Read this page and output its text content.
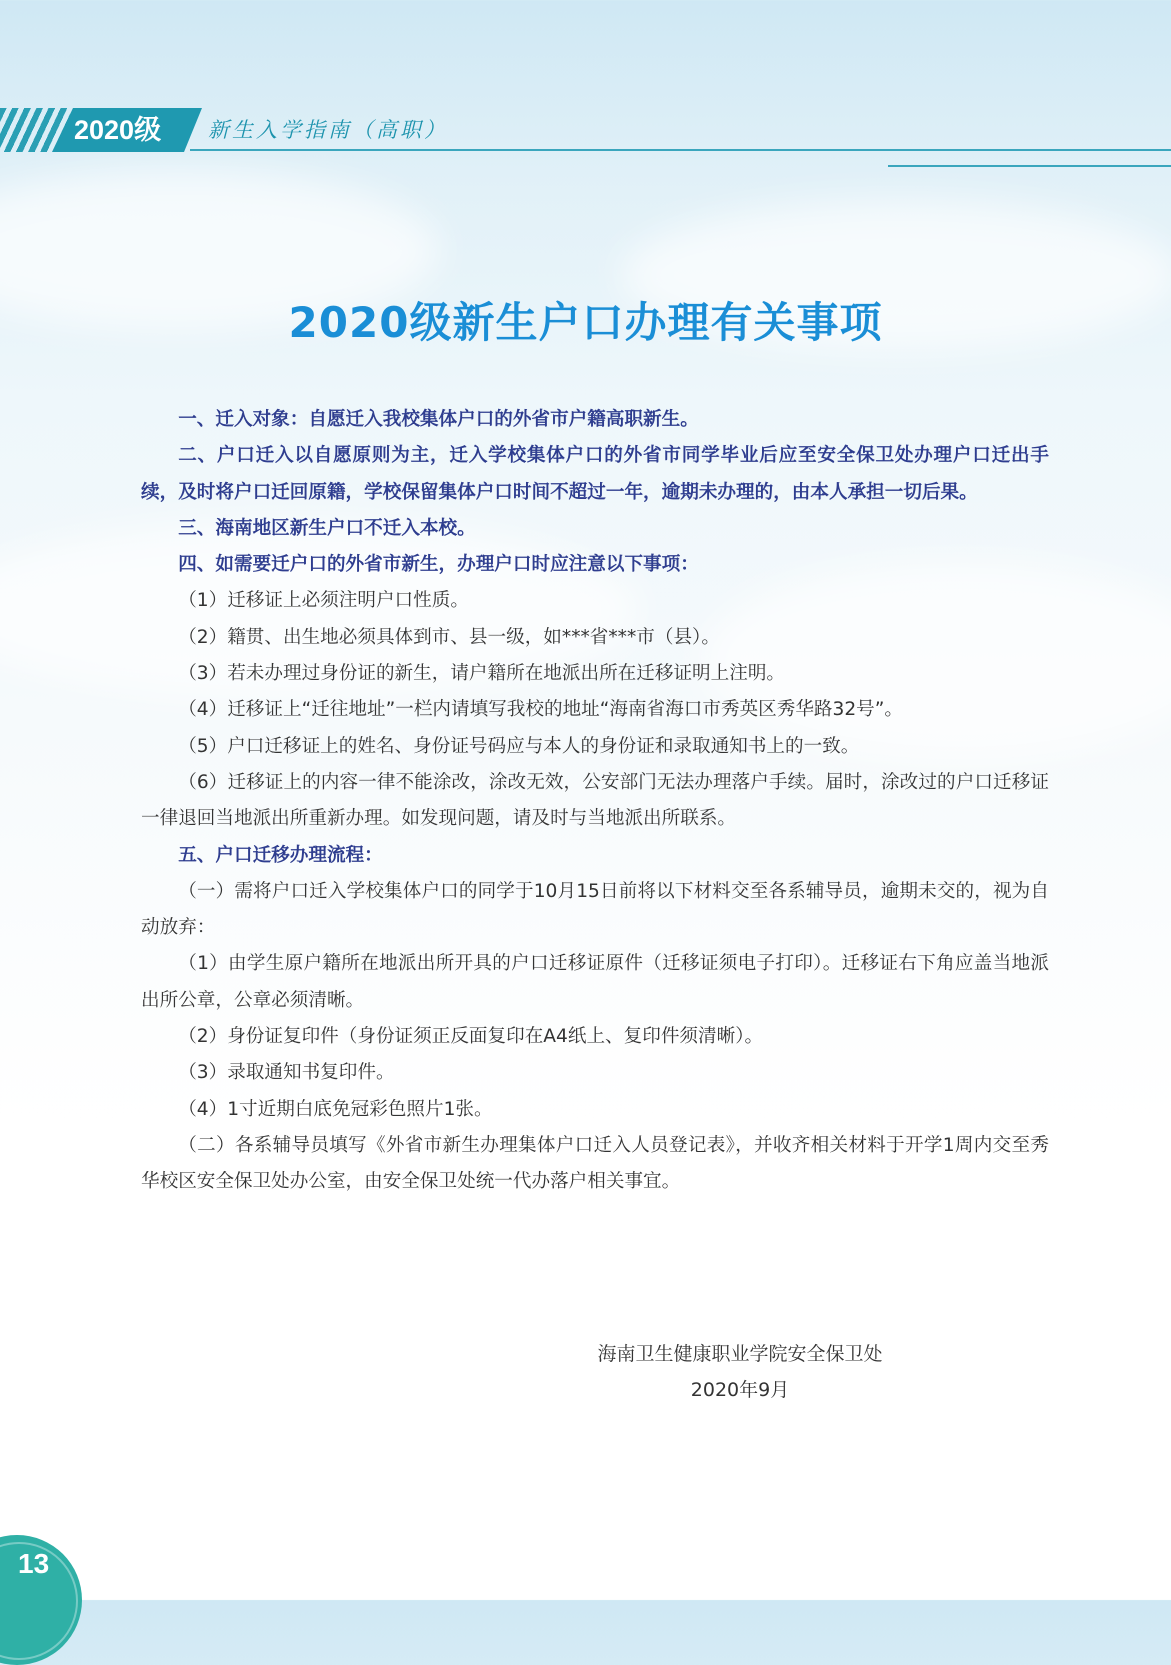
2020级 新生入学指南（高职）
2020级新生户口办理有关事项

一、迁入对象：自愿迁入我校集体户口的外省市户籍高职新生。

二、户口迁入以自愿原则为主，迁入学校集体户口的外省市同学毕业后应至安全保卫处办理户口迁出手续，及时将户口迁回原籍，学校保留集体户口时间不超过一年，逾期未办理的，由本人承担一切后果。

三、海南地区新生户口不迁入本校。

四、如需要迁户口的外省市新生，办理户口时应注意以下事项：

（1）迁移证上必须注明户口性质。

（2）籍贯、出生地必须具体到市、县一级，如***省***市（县）。

（3）若未办理过身份证的新生，请户籍所在地派出所在迁移证明上注明。

（4）迁移证上“迁往地址”一栏内请填写我校的地址“海南省海口市秀英区秀华路32号”。

（5）户口迁移证上的姓名、身份证号码应与本人的身份证和录取通知书上的一致。

（6）迁移证上的内容一律不能涂改，涂改无效，公安部门无法办理落户手续。届时，涂改过的户口迁移证一律退回当地派出所重新办理。如发现问题，请及时与当地派出所联系。

五、户口迁移办理流程：

（一）需将户口迁入学校集体户口的同学于10月15日前将以下材料交至各系辅导员，逾期未交的，视为自动放弃：

（1）由学生原户籍所在地派出所开具的户口迁移证原件（迁移证须电子打印）。迁移证右下角应盖当地派出所公章，公章必须清晰。

（2）身份证复印件（身份证须正反面复印在A4纸上、复印件须清晰）。

（3）录取通知书复印件。

（4）1寸近期白底免冠彩色照片1张。

（二）各系辅导员填写《外省市新生办理集体户口迁入人员登记表》，并收齐相关材料于开学1周内交至秀华校区安全保卫处办公室，由安全保卫处统一代办落户相关事宜。

海南卫生健康职业学院安全保卫处
2020年9月
13
